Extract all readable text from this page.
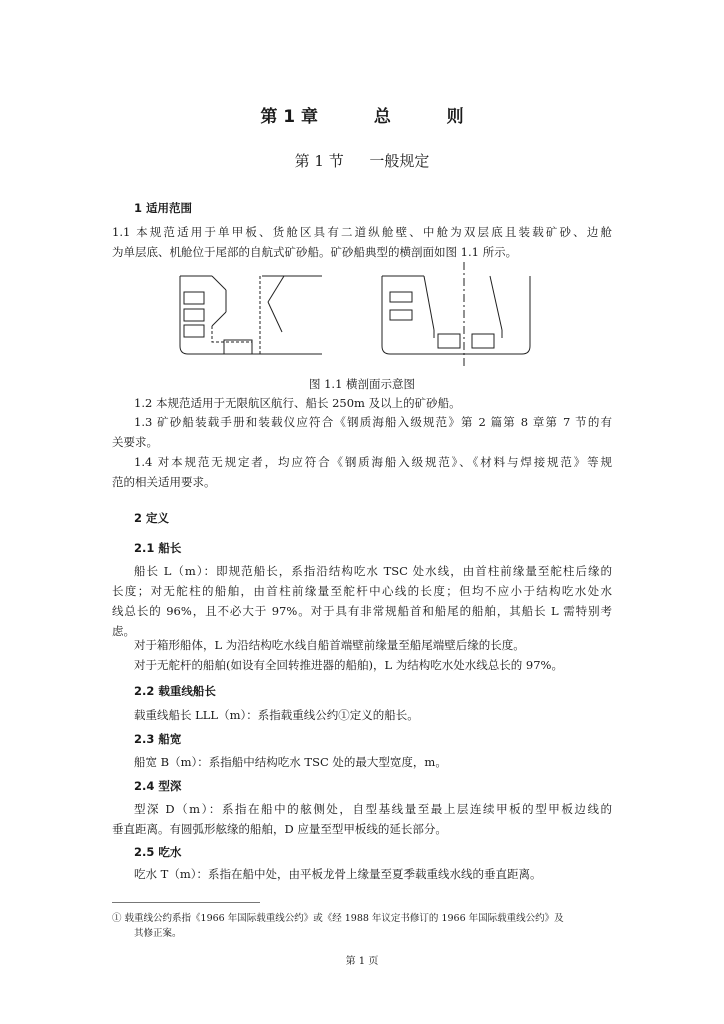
第 1 章	总	则
第 1 节 一般规定
1 适用范围
1.1 本规范适用于单甲板、货舱区具有二道纵舱壁、中舱为双层底且装载矿砂、边舱
为单层底、机舱位于尾部的自航式矿砂船。矿砂船典型的横剖面如图 1.1 所示。
图 1.1 横剖面示意图
1.2 本规范适用于无限航区航行、船长 250m 及以上的矿砂船。
1.3 矿砂船装载手册和装载仪应符合《钢质海船入级规范》第 2 篇第 8 章第 7 节的有
关要求。
1.4 对本规范无规定者，均应符合《钢质海船入级规范》、《材料与焊接规范》等规
范的相关适用要求。
2 定义
2.1 船长
船长 L（m）：即规范船长，系指沿结构吃水 TSC 处水线，由首柱前缘量至舵柱后缘的
长度；对无舵柱的船舶，由首柱前缘量至舵杆中心线的长度；但均不应小于结构吃水处水
线总长的 96%，且不必大于 97%。对于具有非常规船首和船尾的船舶，其船长 L 需特别考
虑。
对于箱形船体，L 为沿结构吃水线自船首端壁前缘量至船尾端壁后缘的长度。
对于无舵杆的船舶(如设有全回转推进器的船舶)，L 为结构吃水处水线总长的 97%。
2.2 载重线船长
载重线船长 LLL（m）：系指载重线公约①定义的船长。
2.3 船宽
船宽 B（m）：系指船中结构吃水 TSC 处的最大型宽度，m。
2.4 型深
型深 D（m）：系指在船中的舷侧处，自型基线量至最上层连续甲板的型甲板边线的
垂直距离。有圆弧形舷缘的船舶，D 应量至型甲板线的延长部分。
2.5 吃水
吃水 T（m）：系指在船中处，由平板龙骨上缘量至夏季载重线水线的垂直距离。
① 载重线公约系指《1966 年国际载重线公约》或《经 1988 年议定书修订的 1966 年国际载重线公约》及
其修正案。
第 1 页
